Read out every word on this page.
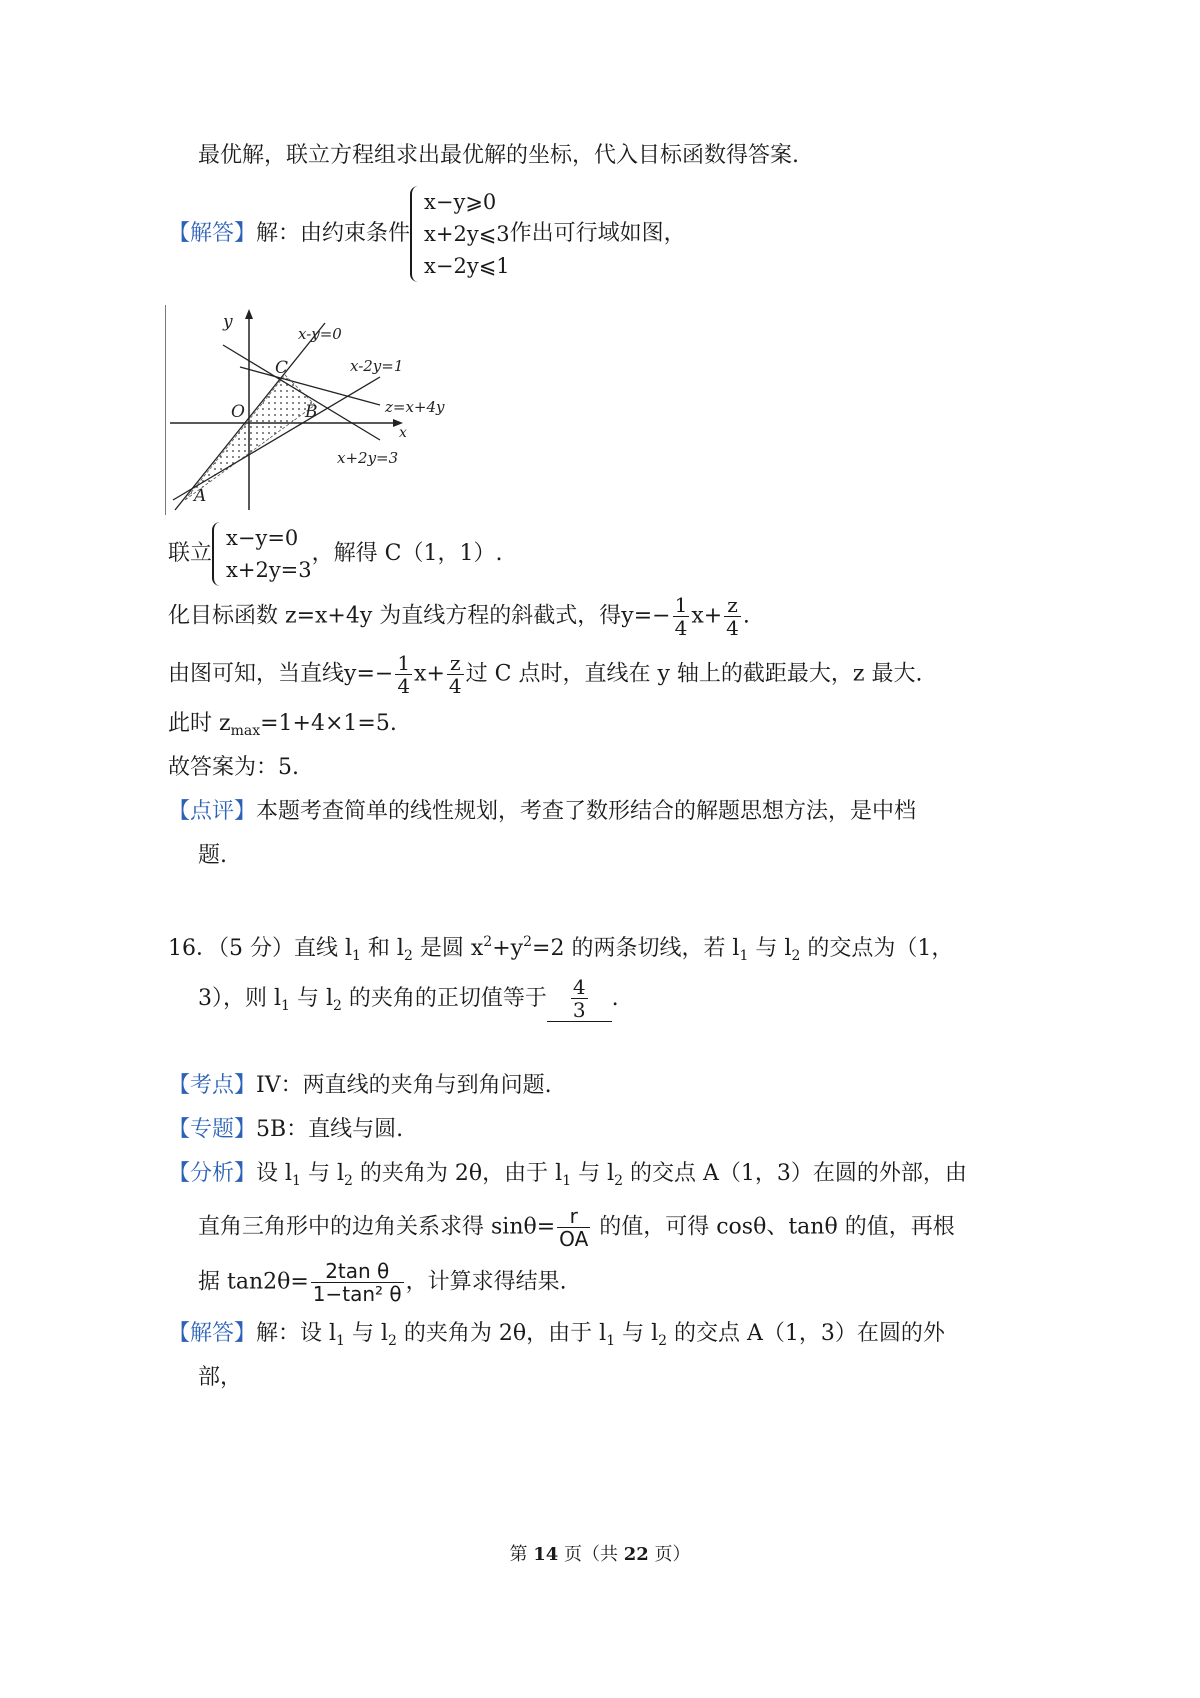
最优解，联立方程组求出最优解的坐标，代入目标函数得答案.
【解答】解：由约束条件
x−y⩾0
x+2y⩽3
x−2y⩽1
作出可行域如图，
y
x
O
A
B
C
x-y=0
x-2y=1
z=x+4y
x+2y=3
联立
x−y=0
x+2y=3
，解得 C（1，1）.
化目标函数 z=x+4y 为直线方程的斜截式，得$y=- \frac{1}{4} x+ \frac{z}{4}$ .
由图可知，当直线$y=- \frac{1}{4} x+ \frac{z}{4}$ 过 C 点时，直线在 y 轴上的截距最大，z 最大.
此时 $z_{max}=1+4\times 1=5$.
故答案为：5.
【点评】本题考查简单的线性规划，考查了数形结合的解题思想方法，是中档
题.
16．（5 分）直线 $l_1$ 和 $l_2$ 是圆 $x^2+y^2=2$ 的两条切线，若 $l_1$ 与 $l_2$ 的交点为（1，
3），则 $l_1$ 与 $l_2$ 的夹角的正切值等于 $\frac{4}{3}$ .
【考点】IV：两直线的夹角与到角问题.
【专题】5B：直线与圆.
【分析】设 $l_1$ 与 $l_2$ 的夹角为 2θ，由于 $l_1$ 与 $l_2$ 的交点 A（1，3）在圆的外部，由
直角三角形中的边角关系求得 $\sin\theta= \frac{r}{OA}$ 的值，可得 cosθ、tanθ 的值，再根
据 $\tan 2\theta= \frac{\text{2tan θ}}{\text{1−tan² θ}}$ ，计算求得结果.
【解答】解：设 $l_1$ 与 $l_2$ 的夹角为 2θ，由于 $l_1$ 与 $l_2$ 的交点 A（1，3）在圆的外
部，
第 14 页（共 22 页）
